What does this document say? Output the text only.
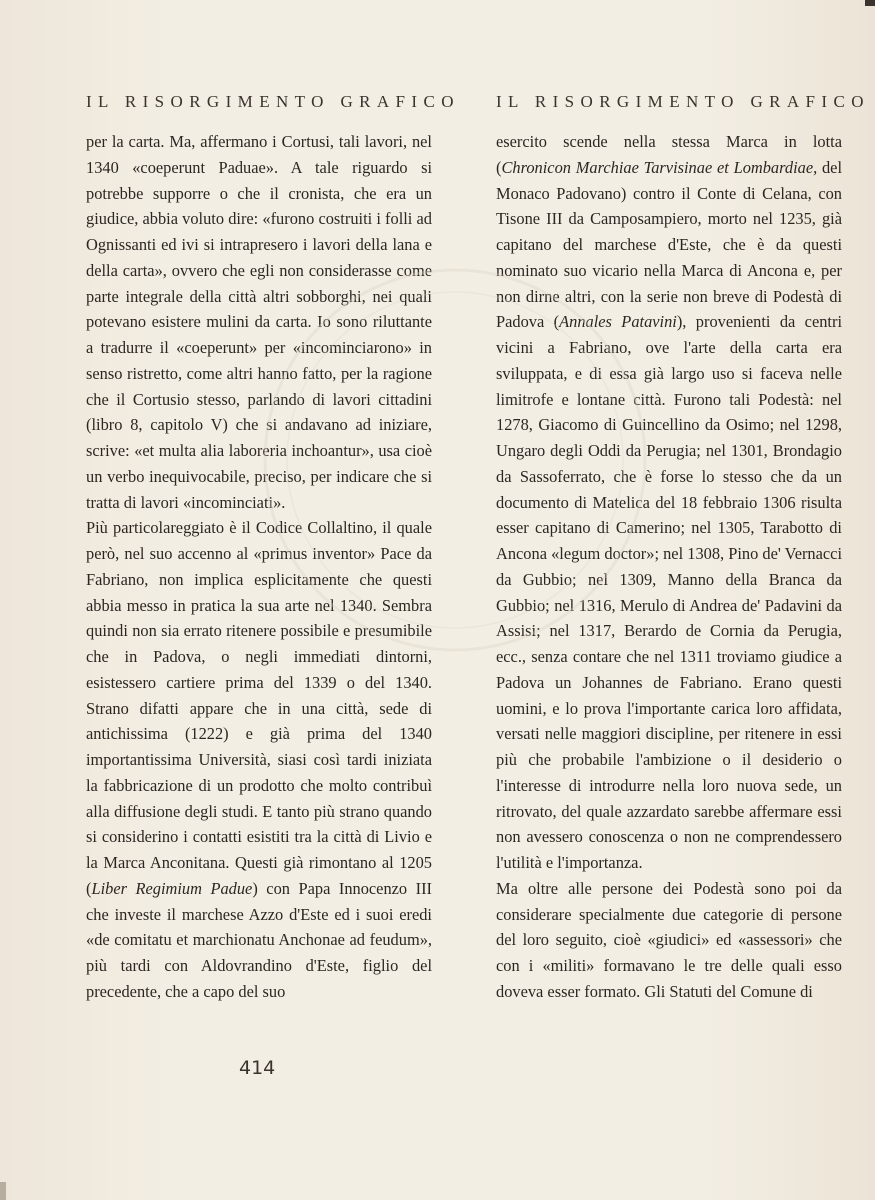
IL RISORGIMENTO GRAFICO IL RISORGIMENTO GRAFICO

per la carta. Ma, affermano i Cortusi, tali lavori, nel 1340 «coeperunt Paduae». A tale riguardo si potrebbe supporre o che il cronista, che era un giudice, abbia voluto dire: «furono costruiti i folli ad Ognissanti ed ivi si intrapresero i lavori della lana e della carta», ovvero che egli non considerasse come parte integrale della città altri sobborghi, nei quali potevano esistere mulini da carta. Io sono riluttante a tradurre il «coeperunt» per «incominciarono» in senso ristretto, come altri hanno fatto, per la ragione che il Cortusio stesso, parlando di lavori cittadini (libro 8, capitolo V) che si andavano ad iniziare, scrive: «et multa alia laboreria inchoantur», usa cioè un verbo inequivocabile, preciso, per indicare che si tratta di lavori «incominciati».

Più particolareggiato è il Codice Collaltino, il quale però, nel suo accenno al «primus inventor» Pace da Fabriano, non implica esplicitamente che questi abbia messo in pratica la sua arte nel 1340. Sembra quindi non sia errato ritenere possibile e presumibile che in Padova, o negli immediati dintorni, esistessero cartiere prima del 1339 o del 1340. Strano difatti appare che in una città, sede di antichissima (1222) e già prima del 1340 importantissima Università, siasi così tardi iniziata la fabbricazione di un prodotto che molto contribuì alla diffusione degli studi. E tanto più strano quando si considerino i contatti esistiti tra la città di Livio e la Marca Anconitana. Questi già rimontano al 1205 (Liber Regimium Padue) con Papa Innocenzo III che investe il marchese Azzo d'Este ed i suoi eredi «de comitatu et marchionatu Anchonae ad feudum», più tardi con Aldovrandino d'Este, figlio del precedente, che a capo del suo

esercito scende nella stessa Marca in lotta (Chronicon Marchiae Tarvisinae et Lombardiae, del Monaco Padovano) contro il Conte di Celana, con Tisone III da Camposampiero, morto nel 1235, già capitano del marchese d'Este, che è da questi nominato suo vicario nella Marca di Ancona e, per non dirne altri, con la serie non breve di Podestà di Padova (Annales Patavini), provenienti da centri vicini a Fabriano, ove l'arte della carta era sviluppata, e di essa già largo uso si faceva nelle limitrofe e lontane città. Furono tali Podestà: nel 1278, Giacomo di Guincellino da Osimo; nel 1298, Ungaro degli Oddi da Perugia; nel 1301, Brondagio da Sassoferrato, che è forse lo stesso che da un documento di Matelica del 18 febbraio 1306 risulta esser capitano di Camerino; nel 1305, Tarabotto di Ancona «legum doctor»; nel 1308, Pino de' Vernacci da Gubbio; nel 1309, Manno della Branca da Gubbio; nel 1316, Merulo di Andrea de' Padavini da Assisi; nel 1317, Berardo de Cornia da Perugia, ecc., senza contare che nel 1311 troviamo giudice a Padova un Johannes de Fabriano. Erano questi uomini, e lo prova l'importante carica loro affidata, versati nelle maggiori discipline, per ritenere in essi più che probabile l'ambizione o il desiderio o l'interesse di introdurre nella loro nuova sede, un ritrovato, del quale azzardato sarebbe affermare essi non avessero conoscenza o non ne comprendessero l'utilità e l'importanza.

Ma oltre alle persone dei Podestà sono poi da considerare specialmente due categorie di persone del loro seguito, cioè «giudici» ed «assessori» che con i «militi» formavano le tre delle quali esso doveva esser formato. Gli Statuti del Comune di

414
